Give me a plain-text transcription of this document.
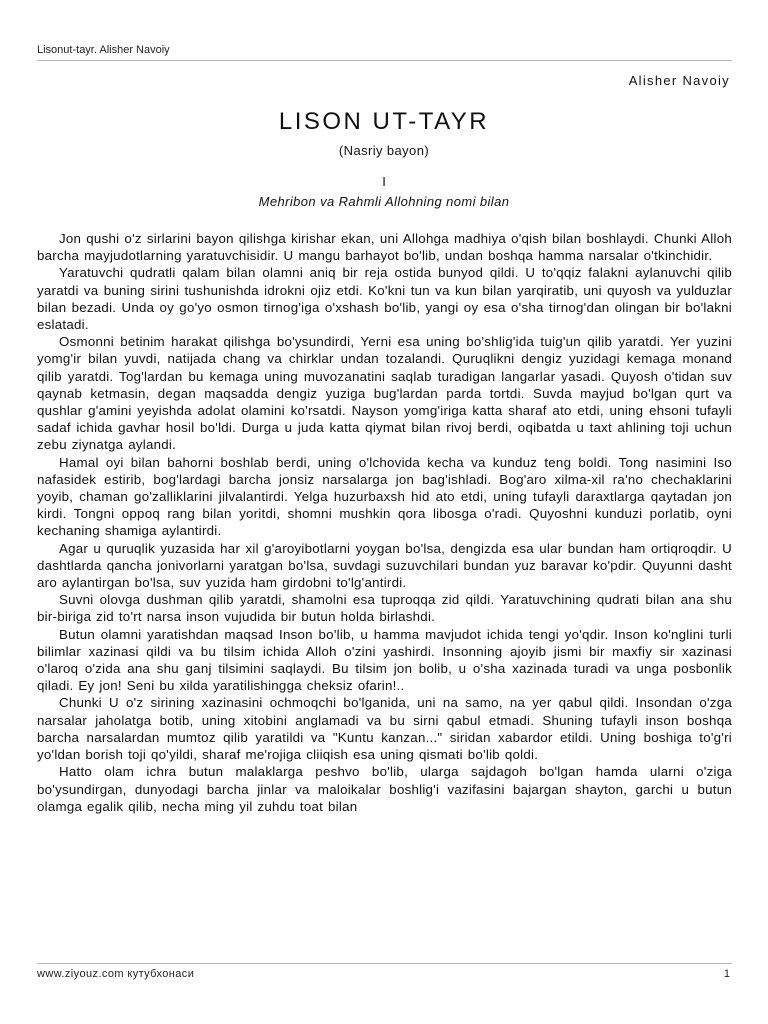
Lisonut-tayr. Alisher Navoiy
Alisher Navoiy
LISON UT-TAYR
(Nasriy bayon)
I
Mehribon va Rahmli Allohning nomi bilan

Jon qushi o'z sirlarini bayon qilishga kirishar ekan, uni Allohga madhiya o'qish bilan boshlaydi. Chunki Alloh barcha mayjudotlarning yaratuvchisidir. U mangu barhayot bo'lib, undan boshqa hamma narsalar o'tkinchidir.

Yaratuvchi qudratli qalam bilan olamni aniq bir reja ostida bunyod qildi. U to'qqiz falakni aylanuvchi qilib yaratdi va buning sirini tushunishda idrokni ojiz etdi. Ko'kni tun va kun bilan yarqiratib, uni quyosh va yulduzlar bilan bezadi. Unda oy go'yo osmon tirnog'iga o'xshash bo'lib, yangi oy esa o'sha tirnog'dan olingan bir bo'lakni eslatadi.

Osmonni betinim harakat qilishga bo'ysundirdi, Yerni esa uning bo'shlig'ida tuig'un qilib yaratdi. Yer yuzini yomg'ir bilan yuvdi, natijada chang va chirklar undan tozalandi. Quruqlikni dengiz yuzidagi kemaga monand qilib yaratdi. Tog'lardan bu kemaga uning muvozanatini saqlab turadigan langarlar yasadi. Quyosh o'tidan suv qaynab ketmasin, degan maqsadda dengiz yuziga bug'lardan parda tortdi. Suvda mayjud bo'lgan qurt va qushlar g'amini yeyishda adolat olamini ko'rsatdi. Nayson yomg'iriga katta sharaf ato etdi, uning ehsoni tufayli sadaf ichida gavhar hosil bo'ldi. Durga u juda katta qiymat bilan rivoj berdi, oqibatda u taxt ahlining toji uchun zebu ziynatga aylandi.

Hamal oyi bilan bahorni boshlab berdi, uning o'lchovida kecha va kunduz teng boldi. Tong nasimini Iso nafasidek estirib, bog'lardagi barcha jonsiz narsalarga jon bag'ishladi. Bog'aro xilma-xil ra'no chechaklarini yoyib, chaman go'zalliklarini jilvalantirdi. Yelga huzurbaxsh hid ato etdi, uning tufayli daraxtlarga qaytadan jon kirdi. Tongni oppoq rang bilan yoritdi, shomni mushkin qora libosga o'radi. Quyoshni kunduzi porlatib, oyni kechaning shamiga aylantirdi.

Agar u quruqlik yuzasida har xil g'aroyibotlarni yoygan bo'lsa, dengizda esa ular bundan ham ortiqroqdir. U dashtlarda qancha jonivorlarni yaratgan bo'lsa, suvdagi suzuvchilari bundan yuz baravar ko'pdir. Quyunni dasht aro aylantirgan bo'lsa, suv yuzida ham girdobni to'lg'antirdi.

Suvni olovga dushman qilib yaratdi, shamolni esa tuproqqa zid qildi. Yaratuvchining qudrati bilan ana shu bir-biriga zid to'rt narsa inson vujudida bir butun holda birlashdi.

Butun olamni yaratishdan maqsad Inson bo'lib, u hamma mavjudot ichida tengi yo'qdir. Inson ko'nglini turli bilimlar xazinasi qildi va bu tilsim ichida Alloh o'zini yashirdi. Insonning ajoyib jismi bir maxfiy sir xazinasi o'laroq o'zida ana shu ganj tilsimini saqlaydi. Bu tilsim jon bolib, u o'sha xazinada turadi va unga posbonlik qiladi. Ey jon! Seni bu xilda yaratilishingga cheksiz ofarin!..

Chunki U o'z sirining xazinasini ochmoqchi bo'lganida, uni na samo, na yer qabul qildi. Insondan o'zga narsalar jaholatga botib, uning xitobini anglamadi va bu sirni qabul etmadi. Shuning tufayli inson boshqa barcha narsalardan mumtoz qilib yaratildi va "Kuntu kanzan..." siridan xabardor etildi. Uning boshiga to'g'ri yo'ldan borish toji qo'yildi, sharaf me'rojiga cliiqish esa uning qismati bo'lib qoldi.

Hatto olam ichra butun malaklarga peshvo bo'lib, ularga sajdagoh bo'lgan hamda ularni o'ziga bo'ysundirgan, dunyodagi barcha jinlar va maloikalar boshlig'i vazifasini bajargan shayton, garchi u butun olamga egalik qilib, necha ming yil zuhdu toat bilan

www.ziyouz.com кутубхонаси	1
